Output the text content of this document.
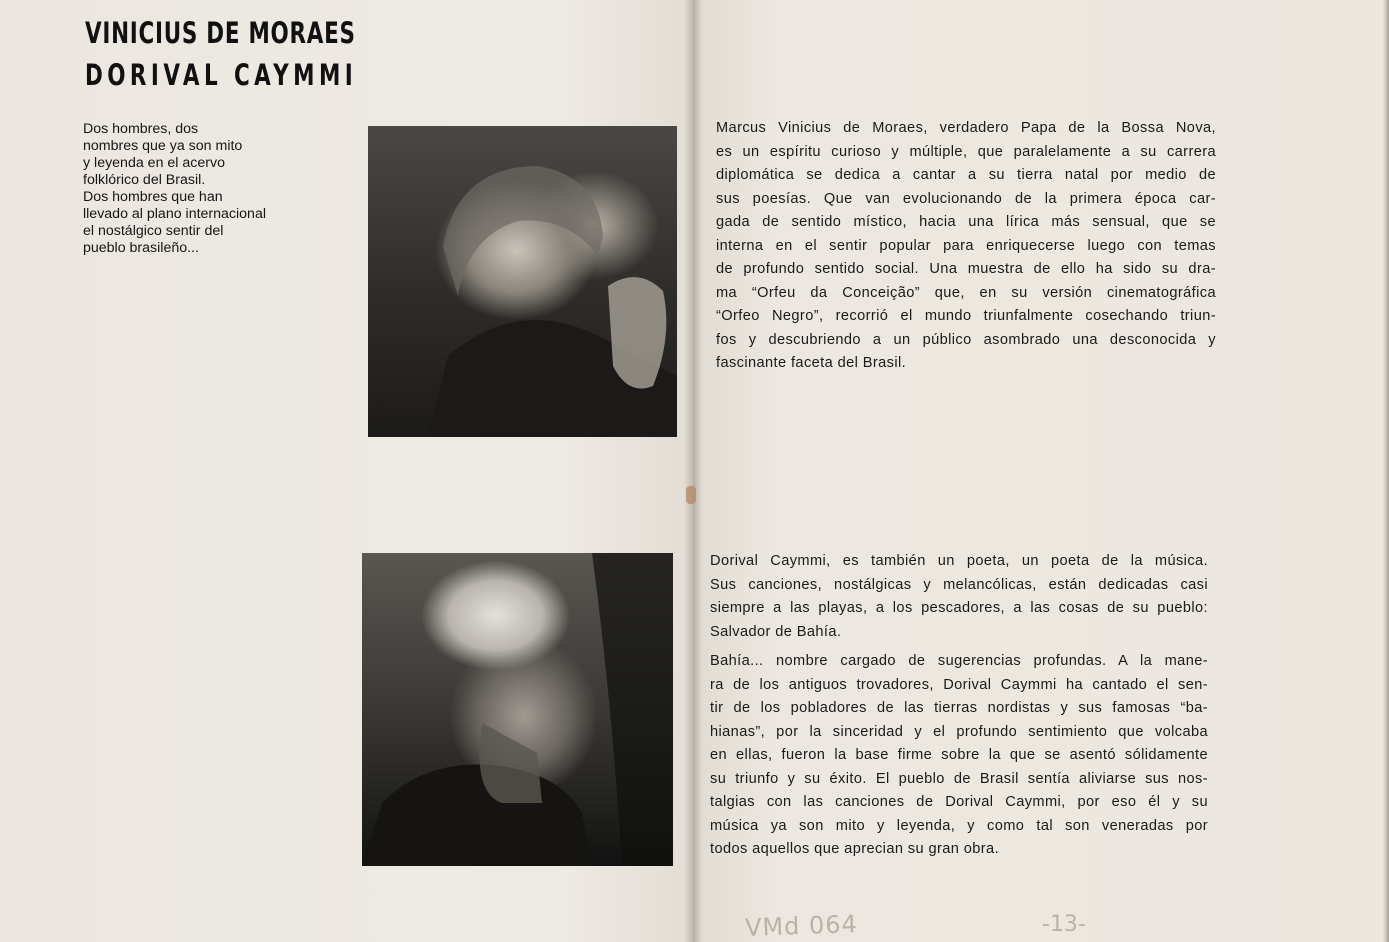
VINICIUS DE MORAES
DORIVAL CAYMMI
Dos hombres, dos
nombres que ya son mito
y leyenda en el acervo
folklórico del Brasil.
Dos hombres que han
llevado al plano internacional
el nostálgico sentir del
pueblo brasileño...
Marcus Vinicius de Moraes, verdadero Papa de la Bossa Nova,
es un espíritu curioso y múltiple, que paralelamente a su carrera
diplomática se dedica a cantar a su tierra natal por medio de
sus poesías. Que van evolucionando de la primera época car-
gada de sentido místico, hacia una lírica más sensual, que se
interna en el sentir popular para enriquecerse luego con temas
de profundo sentido social. Una muestra de ello ha sido su dra-
ma “Orfeu da Conceição” que, en su versión cinematográfica
“Orfeo Negro”, recorrió el mundo triunfalmente cosechando triun-
fos y descubriendo a un público asombrado una desconocida y
fascinante faceta del Brasil.
Dorival Caymmi, es también un poeta, un poeta de la música.
Sus canciones, nostálgicas y melancólicas, están dedicadas casi
siempre a las playas, a los pescadores, a las cosas de su pueblo:
Salvador de Bahía.
Bahía... nombre cargado de sugerencias profundas. A la mane-
ra de los antiguos trovadores, Dorival Caymmi ha cantado el sen-
tir de los pobladores de las tierras nordistas y sus famosas “ba-
hianas”, por la sinceridad y el profundo sentimiento que volcaba
en ellas, fueron la base firme sobre la que se asentó sólidamente
su triunfo y su éxito. El pueblo de Brasil sentía aliviarse sus nos-
talgias con las canciones de Dorival Caymmi, por eso él y su
música ya son mito y leyenda, y como tal son veneradas por
todos aquellos que aprecian su gran obra.
VMd 064	-13-
